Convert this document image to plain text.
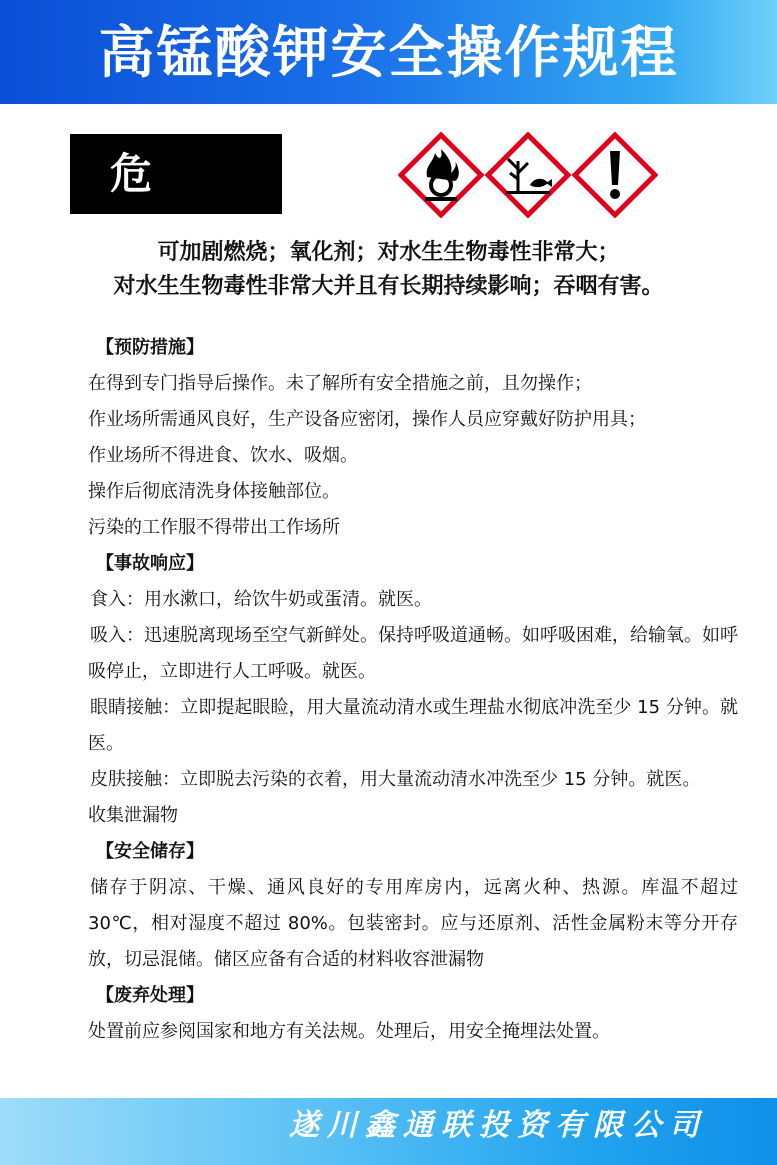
高锰酸钾安全操作规程
危 险 可加剧燃烧；氧化剂；对水生生物毒性非常大；
对水生生物毒性非常大并且有长期持续影响；吞咽有害。
【预防措施】

在得到专门指导后操作。未了解所有安全措施之前，且勿操作；

作业场所需通风良好，生产设备应密闭，操作人员应穿戴好防护用具；

作业场所不得进食、饮水、吸烟。

操作后彻底清洗身体接触部位。

污染的工作服不得带出工作场所

【事故响应】

食入：用水漱口，给饮牛奶或蛋清。就医。

吸入：迅速脱离现场至空气新鲜处。保持呼吸道通畅。如呼吸困难，给输氧。如呼吸停止，立即进行人工呼吸。就医。

眼睛接触：立即提起眼睑，用大量流动清水或生理盐水彻底冲洗至少 15 分钟。就医。

皮肤接触：立即脱去污染的衣着，用大量流动清水冲洗至少 15 分钟。就医。

收集泄漏物

【安全储存】

储存于阴凉、干燥、通风良好的专用库房内，远离火种、热源。库温不超过 30℃，相对湿度不超过 80%。包装密封。应与还原剂、活性金属粉末等分开存放，切忌混储。储区应备有合适的材料收容泄漏物

【废弃处理】

处置前应参阅国家和地方有关法规。处理后，用安全掩埋法处置。

遂川鑫通联投资有限公司
